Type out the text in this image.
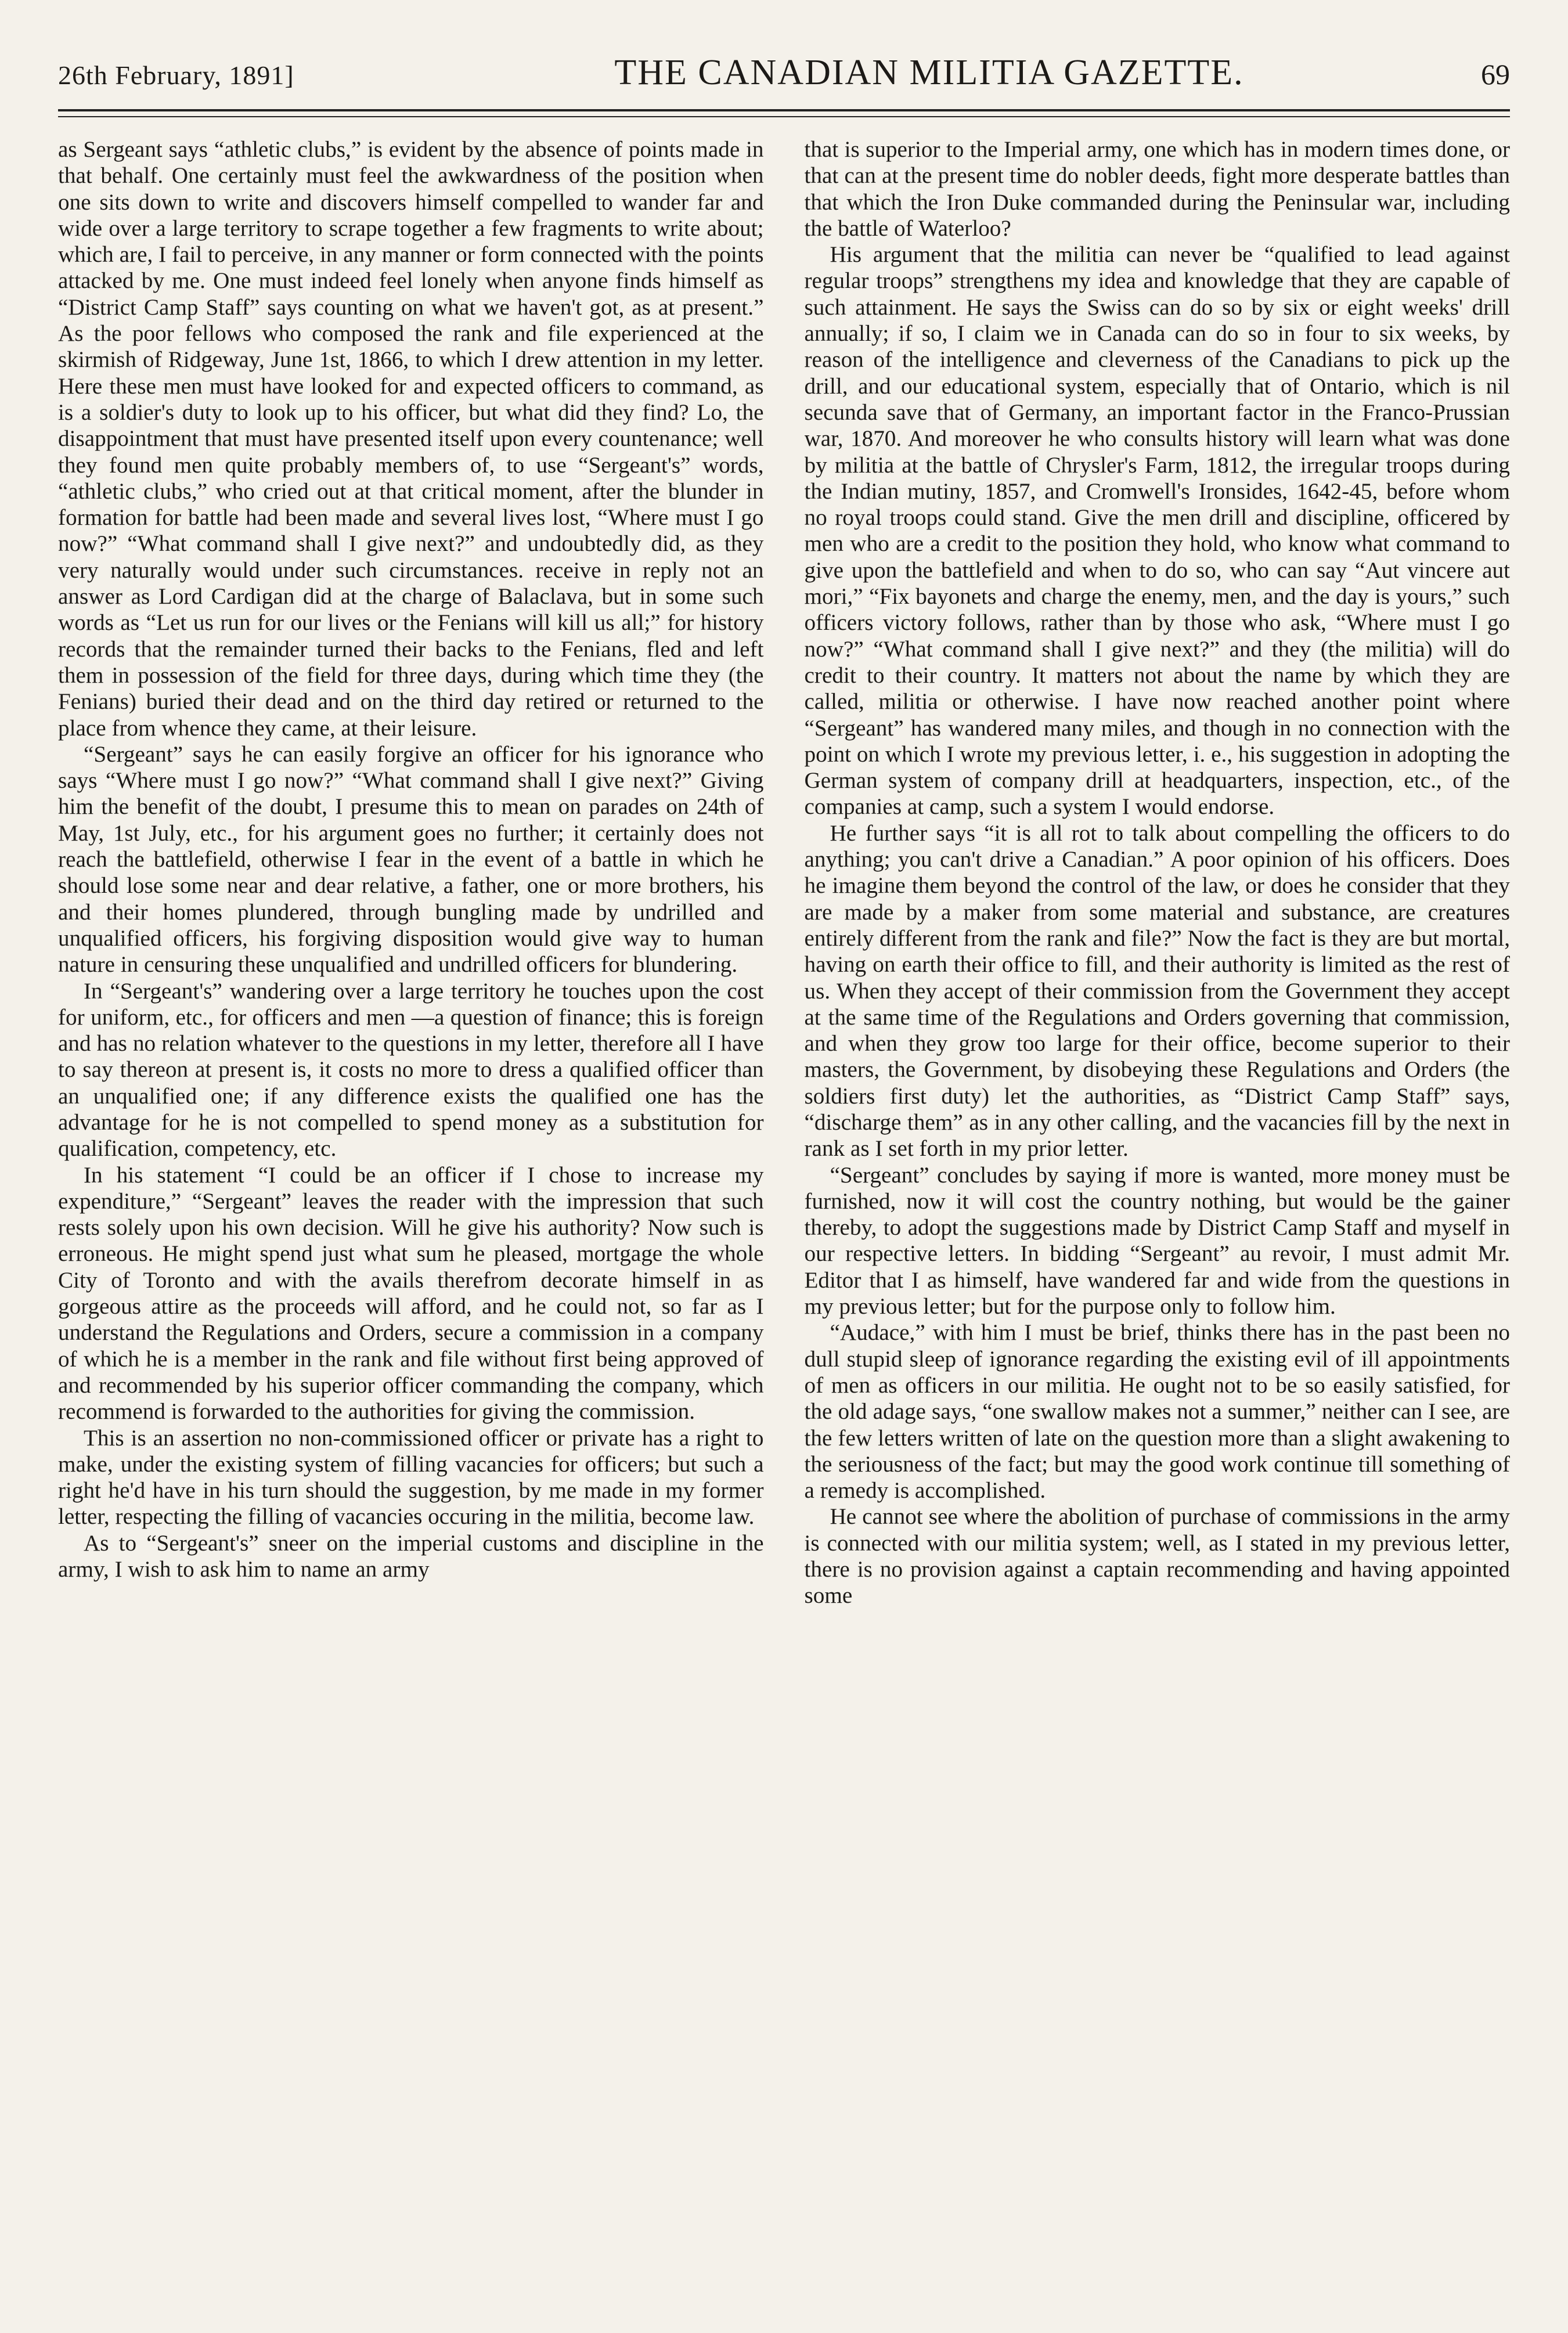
26th February, 1891]	THE CANADIAN MILITIA GAZETTE.	69

as Sergeant says “athletic clubs,” is evident by the absence of points made in that behalf. One certainly must feel the awkwardness of the position when one sits down to write and discovers himself compelled to wander far and wide over a large territory to scrape together a few fragments to write about; which are, I fail to perceive, in any manner or form connected with the points attacked by me. One must indeed feel lonely when anyone finds himself as “District Camp Staff” says counting on what we haven't got, as at present.” As the poor fellows who composed the rank and file experienced at the skirmish of Ridgeway, June 1st, 1866, to which I drew attention in my letter. Here these men must have looked for and expected officers to command, as is a soldier's duty to look up to his officer, but what did they find? Lo, the disappointment that must have presented itself upon every countenance; well they found men quite probably members of, to use “Sergeant's” words, “athletic clubs,” who cried out at that critical moment, after the blunder in formation for battle had been made and several lives lost, “Where must I go now?” “What command shall I give next?” and undoubtedly did, as they very naturally would under such circumstances. receive in reply not an answer as Lord Cardigan did at the charge of Balaclava, but in some such words as “Let us run for our lives or the Fenians will kill us all;” for history records that the remainder turned their backs to the Fenians, fled and left them in possession of the field for three days, during which time they (the Fenians) buried their dead and on the third day retired or returned to the place from whence they came, at their leisure.

“Sergeant” says he can easily forgive an officer for his ignorance who says “Where must I go now?” “What command shall I give next?” Giving him the benefit of the doubt, I presume this to mean on parades on 24th of May, 1st July, etc., for his argument goes no further; it certainly does not reach the battlefield, otherwise I fear in the event of a battle in which he should lose some near and dear relative, a father, one or more brothers, his and their homes plundered, through bungling made by undrilled and unqualified officers, his forgiving disposition would give way to human nature in censuring these unqualified and undrilled officers for blundering.

In “Sergeant's” wandering over a large territory he touches upon the cost for uniform, etc., for officers and men —a question of finance; this is foreign and has no relation whatever to the questions in my letter, therefore all I have to say thereon at present is, it costs no more to dress a qualified officer than an unqualified one; if any difference exists the qualified one has the advantage for he is not compelled to spend money as a substitution for qualification, competency, etc.

In his statement “I could be an officer if I chose to increase my expenditure,” “Sergeant” leaves the reader with the impression that such rests solely upon his own decision. Will he give his authority? Now such is erroneous. He might spend just what sum he pleased, mortgage the whole City of Toronto and with the avails therefrom decorate himself in as gorgeous attire as the proceeds will afford, and he could not, so far as I understand the Regulations and Orders, secure a commission in a company of which he is a member in the rank and file without first being approved of and recommended by his superior officer commanding the company, which recommend is forwarded to the authorities for giving the commission.

This is an assertion no non-commissioned officer or private has a right to make, under the existing system of filling vacancies for officers; but such a right he'd have in his turn should the suggestion, by me made in my former letter, respecting the filling of vacancies occuring in the militia, become law.

As to “Sergeant's” sneer on the imperial customs and discipline in the army, I wish to ask him to name an army

that is superior to the Imperial army, one which has in modern times done, or that can at the present time do nobler deeds, fight more desperate battles than that which the Iron Duke commanded during the Peninsular war, including the battle of Waterloo?

His argument that the militia can never be “qualified to lead against regular troops” strengthens my idea and knowledge that they are capable of such attainment. He says the Swiss can do so by six or eight weeks' drill annually; if so, I claim we in Canada can do so in four to six weeks, by reason of the intelligence and cleverness of the Canadians to pick up the drill, and our educational system, especially that of Ontario, which is nil secunda save that of Germany, an important factor in the Franco-Prussian war, 1870. And moreover he who consults history will learn what was done by militia at the battle of Chrysler's Farm, 1812, the irregular troops during the Indian mutiny, 1857, and Cromwell's Ironsides, 1642-45, before whom no royal troops could stand. Give the men drill and discipline, officered by men who are a credit to the position they hold, who know what command to give upon the battlefield and when to do so, who can say “Aut vincere aut mori,” “Fix bayonets and charge the enemy, men, and the day is yours,” such officers victory follows, rather than by those who ask, “Where must I go now?” “What command shall I give next?” and they (the militia) will do credit to their country. It matters not about the name by which they are called, militia or otherwise. I have now reached another point where “Sergeant” has wandered many miles, and though in no connection with the point on which I wrote my previous letter, i. e., his suggestion in adopting the German system of company drill at headquarters, inspection, etc., of the companies at camp, such a system I would endorse.

He further says “it is all rot to talk about compelling the officers to do anything; you can't drive a Canadian.” A poor opinion of his officers. Does he imagine them beyond the control of the law, or does he consider that they are made by a maker from some material and substance, are creatures entirely different from the rank and file?” Now the fact is they are but mortal, having on earth their office to fill, and their authority is limited as the rest of us. When they accept of their commission from the Government they accept at the same time of the Regulations and Orders governing that commission, and when they grow too large for their office, become superior to their masters, the Government, by disobeying these Regulations and Orders (the soldiers first duty) let the authorities, as “District Camp Staff” says, “discharge them” as in any other calling, and the vacancies fill by the next in rank as I set forth in my prior letter.

“Sergeant” concludes by saying if more is wanted, more money must be furnished, now it will cost the country nothing, but would be the gainer thereby, to adopt the suggestions made by District Camp Staff and myself in our respective letters. In bidding “Sergeant” au revoir, I must admit Mr. Editor that I as himself, have wandered far and wide from the questions in my previous letter; but for the purpose only to follow him.

“Audace,” with him I must be brief, thinks there has in the past been no dull stupid sleep of ignorance regarding the existing evil of ill appointments of men as officers in our militia. He ought not to be so easily satisfied, for the old adage says, “one swallow makes not a summer,” neither can I see, are the few letters written of late on the question more than a slight awakening to the seriousness of the fact; but may the good work continue till something of a remedy is accomplished.

He cannot see where the abolition of purchase of commissions in the army is connected with our militia system; well, as I stated in my previous letter, there is no provision against a captain recommending and having appointed some
